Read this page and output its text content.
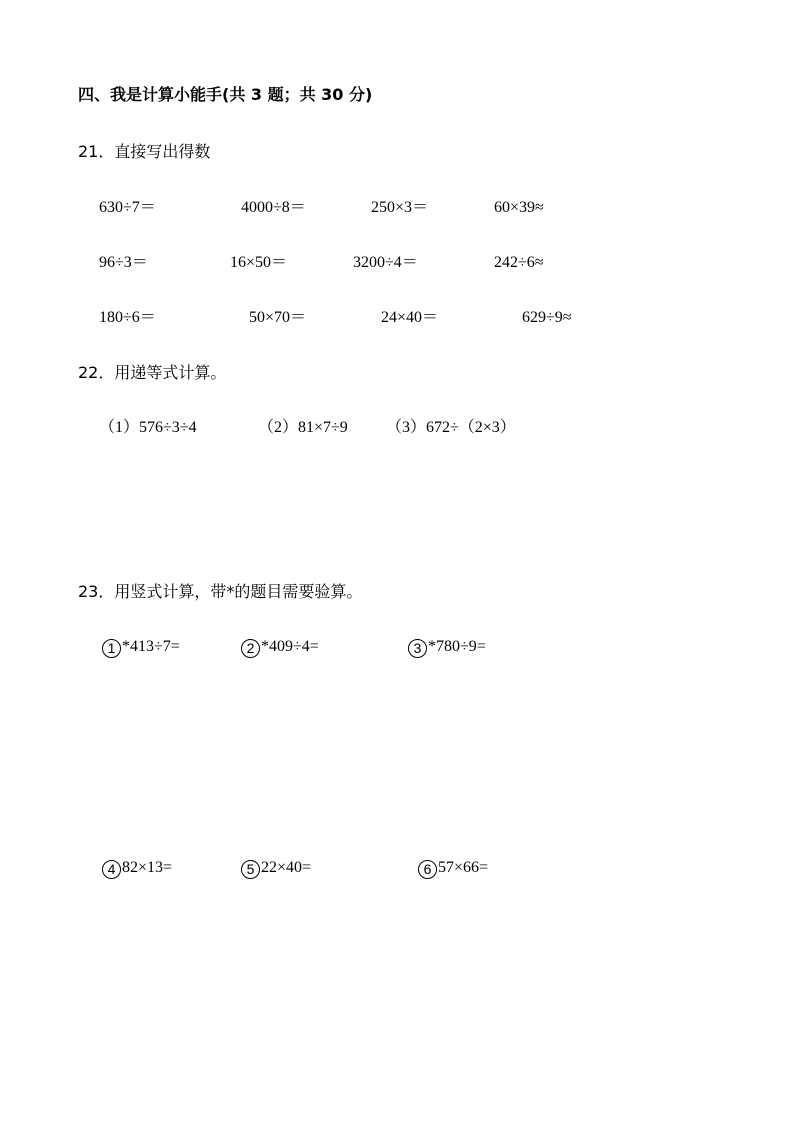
四、我是计算小能手(共 3 题；共 30 分)
21．直接写出得数
630÷7＝	4000÷8＝	250×3＝	60×39≈
96÷3＝	16×50＝	3200÷4＝	242÷6≈
180÷6＝	50×70＝	24×40＝	629÷9≈
22．用递等式计算。
（1）576÷3÷4	（2）81×7÷9 （3）672÷（2×3）
23．用竖式计算，带*的题目需要验算。
1 *413÷7=	2 *409÷4=	3 *780÷9=
4 82×13=	5 22×40=	6 57×66=
